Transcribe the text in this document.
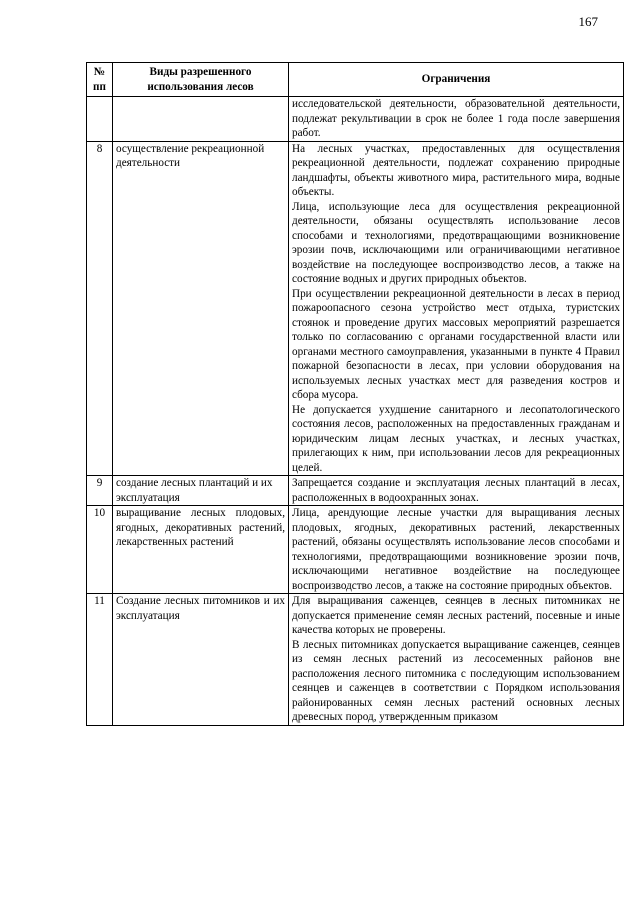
167
№ пп	Виды разрешенного использования лесов	Ограничения

		исследовательской деятельности, образовательной деятельности, подлежат рекультивации в срок не более 1 года после завершения работ.

8	осуществление рекреационной деятельности	На лесных участках, предоставленных для осуществления рекреационной деятельности, подлежат сохранению природные ландшафты, объекты животного мира, растительного мира, водные объекты.

Лица, использующие леса для осуществления рекреационной деятельности, обязаны осуществлять использование лесов способами и технологиями, предотвращающими возникновение эрозии почв, исключающими или ограничивающими негативное воздействие на последующее воспроизводство лесов, а также на состояние водных и других природных объектов.

При осуществлении рекреационной деятельности в лесах в период пожароопасного сезона устройство мест отдыха, туристских стоянок и проведение других массовых мероприятий разрешается только по согласованию с органами государственной власти или органами местного самоуправления, указанными в пункте 4 Правил пожарной безопасности в лесах, при условии оборудования на используемых лесных участках мест для разведения костров и сбора мусора.

Не допускается ухудшение санитарного и лесопатологического состояния лесов, расположенных на предоставленных гражданам и юридическим лицам лесных участках, и лесных участках, прилегающих к ним, при использовании лесов для рекреационных целей.

9	создание лесных плантаций и их эксплуатация	Запрещается создание и эксплуатация лесных плантаций в лесах, расположенных в водоохранных зонах.

10	выращивание лесных плодовых, ягодных, декоративных растений, лекарственных растений	Лица, арендующие лесные участки для выращивания лесных плодовых, ягодных, декоративных растений, лекарственных растений, обязаны осуществлять использование лесов способами и технологиями, предотвращающими возникновение эрозии почв, исключающими негативное воздействие на последующее воспроизводство лесов, а также на состояние природных объектов.

11	Создание лесных питомников и их эксплуатация	Для выращивания саженцев, сеянцев в лесных питомниках не допускается применение семян лесных растений, посевные и иные качества которых не проверены.

В лесных питомниках допускается выращивание саженцев, сеянцев из семян лесных растений из лесосеменных районов вне расположения лесного питомника с последующим использованием сеянцев и саженцев в соответствии с Порядком использования районированных семян лесных растений основных лесных древесных пород, утвержденным приказом
